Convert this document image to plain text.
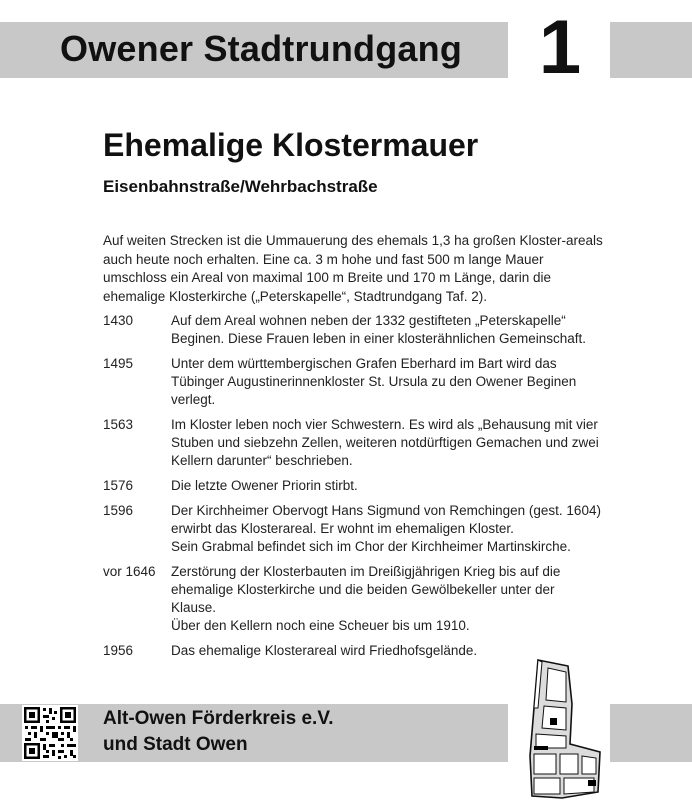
Owener Stadtrundgang 1
Ehemalige Klostermauer
Eisenbahnstraße/Wehrbachstraße
Auf weiten Strecken ist die Ummauerung des ehemals 1,3 ha großen Kloster-areals auch heute noch erhalten. Eine ca. 3 m hohe und fast 500 m lange Mauer umschloss ein Areal von maximal 100 m Breite und 170 m Länge, darin die ehemalige Klosterkirche („Peterskapelle“, Stadtrundgang Taf. 2).
1430	Auf dem Areal wohnen neben der 1332 gestifteten „Peterskapelle“ Beginen. Diese Frauen leben in einer klosterähnlichen Gemeinschaft.
1495	Unter dem württembergischen Grafen Eberhard im Bart wird das Tübinger Augustinerinnenkloster St. Ursula zu den Owener Beginen verlegt.
1563	Im Kloster leben noch vier Schwestern. Es wird als „Behausung mit vier Stuben und siebzehn Zellen, weiteren notdürftigen Gemachen und zwei Kellern darunter“ beschrieben.
1576	Die letzte Owener Priorin stirbt.
1596	Der Kirchheimer Obervogt Hans Sigmund von Remchingen (gest. 1604) erwirbt das Klosterareal. Er wohnt im ehemaligen Kloster.
Sein Grabmal befindet sich im Chor der Kirchheimer Martinskirche.
vor 1646	Zerstörung der Klosterbauten im Dreißigjährigen Krieg bis auf die ehemalige Klosterkirche und die beiden Gewölbekeller unter der Klause.
Über den Kellern noch eine Scheuer bis um 1910.
1956	Das ehemalige Klosterareal wird Friedhofsgelände.
Alt-Owen Förderkreis e.V.
und Stadt Owen
